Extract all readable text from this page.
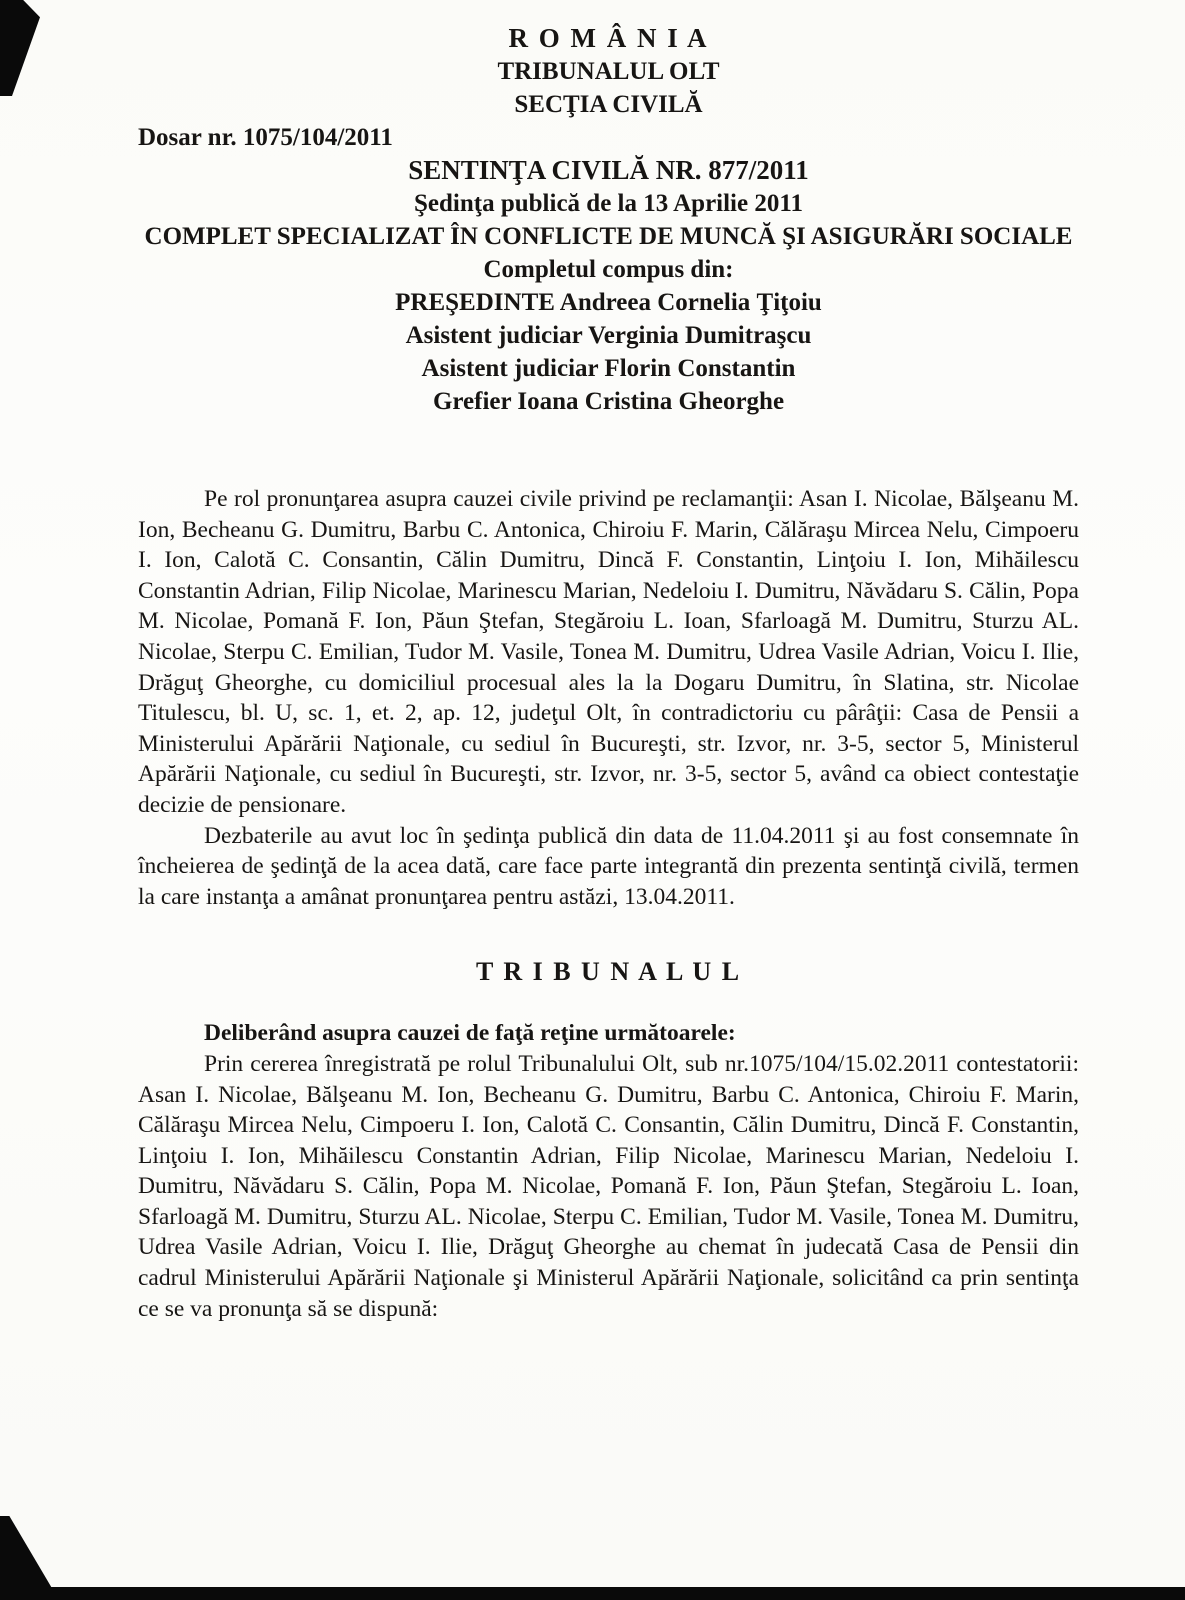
R O M Â N I A
TRIBUNALUL OLT
SECŢIA CIVILĂ
Dosar nr. 1075/104/2011
SENTINŢA CIVILĂ NR. 877/2011
Şedinţa publică de la 13 Aprilie 2011
COMPLET SPECIALIZAT ÎN CONFLICTE DE MUNCĂ ŞI ASIGURĂRI SOCIALE
Completul compus din:
PREŞEDINTE Andreea Cornelia Ţiţoiu
Asistent judiciar Verginia Dumitraşcu
Asistent judiciar Florin Constantin
Grefier Ioana Cristina Gheorghe

Pe rol pronunţarea asupra cauzei civile privind pe reclamanţii: Asan I. Nicolae, Bălşeanu M. Ion, Becheanu G. Dumitru, Barbu C. Antonica, Chiroiu F. Marin, Călăraşu Mircea Nelu, Cimpoeru I. Ion, Calotă C. Consantin, Călin Dumitru, Dincă F. Constantin, Linţoiu I. Ion, Mihăilescu Constantin Adrian, Filip Nicolae, Marinescu Marian, Nedeloiu I. Dumitru, Năvădaru S. Călin, Popa M. Nicolae, Pomană F. Ion, Păun Ştefan, Stegăroiu L. Ioan, Sfarloagă M. Dumitru, Sturzu AL. Nicolae, Sterpu C. Emilian, Tudor M. Vasile, Tonea M. Dumitru, Udrea Vasile Adrian, Voicu I. Ilie, Drăguţ Gheorghe, cu domiciliul procesual ales la la Dogaru Dumitru, în Slatina, str. Nicolae Titulescu, bl. U, sc. 1, et. 2, ap. 12, judeţul Olt, în contradictoriu cu pârâţii: Casa de Pensii a Ministerului Apărării Naţionale, cu sediul în Bucureşti, str. Izvor, nr. 3-5, sector 5, Ministerul Apărării Naţionale, cu sediul în Bucureşti, str. Izvor, nr. 3-5, sector 5, având ca obiect contestaţie decizie de pensionare.

Dezbaterile au avut loc în şedinţa publică din data de 11.04.2011 şi au fost consemnate în încheierea de şedinţă de la acea dată, care face parte integrantă din prezenta sentinţă civilă, termen la care instanţa a amânat pronunţarea pentru astăzi, 13.04.2011.

T R I B U N A L U L

Deliberând asupra cauzei de faţă reţine următoarele:

Prin cererea înregistrată pe rolul Tribunalului Olt, sub nr.1075/104/15.02.2011 contestatorii: Asan I. Nicolae, Bălşeanu M. Ion, Becheanu G. Dumitru, Barbu C. Antonica, Chiroiu F. Marin, Călăraşu Mircea Nelu, Cimpoeru I. Ion, Calotă C. Consantin, Călin Dumitru, Dincă F. Constantin, Linţoiu I. Ion, Mihăilescu Constantin Adrian, Filip Nicolae, Marinescu Marian, Nedeloiu I. Dumitru, Năvădaru S. Călin, Popa M. Nicolae, Pomană F. Ion, Păun Ştefan, Stegăroiu L. Ioan, Sfarloagă M. Dumitru, Sturzu AL. Nicolae, Sterpu C. Emilian, Tudor M. Vasile, Tonea M. Dumitru, Udrea Vasile Adrian, Voicu I. Ilie, Drăguţ Gheorghe au chemat în judecată Casa de Pensii din cadrul Ministerului Apărării Naţionale şi Ministerul Apărării Naţionale, solicitând ca prin sentinţa ce se va pronunţa să se dispună:
